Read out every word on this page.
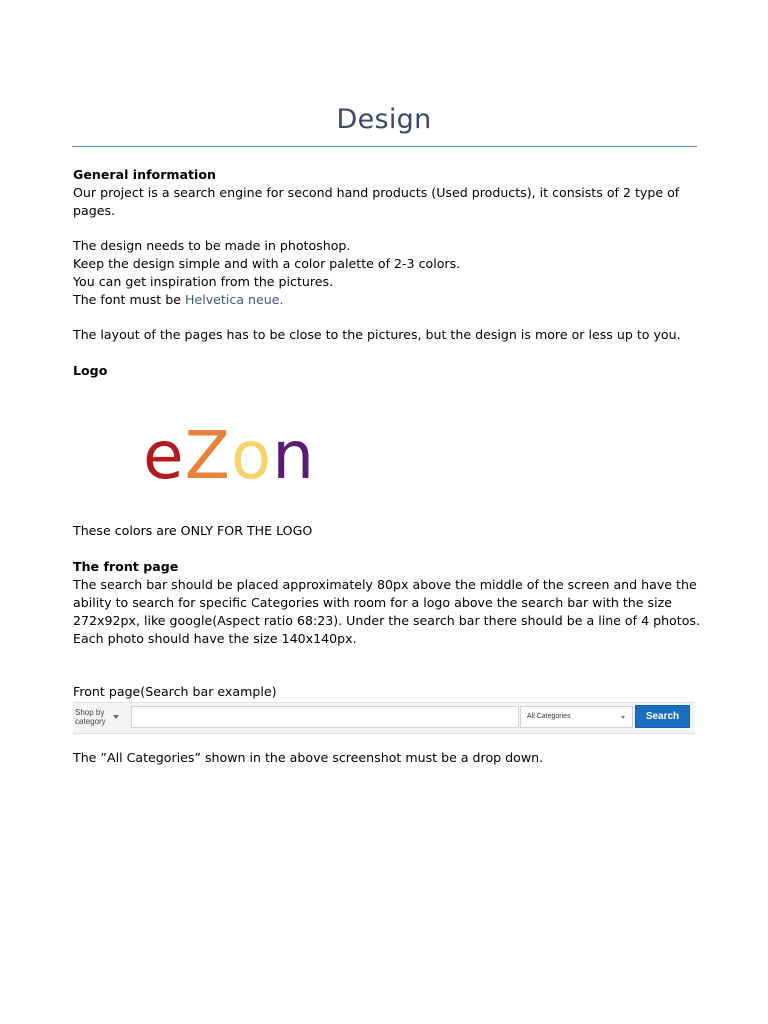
Design
General information
Our project is a search engine for second hand products (Used products), it consists of 2 type of
pages.
The design needs to be made in photoshop.
Keep the design simple and with a color palette of 2-3 colors.
You can get inspiration from the pictures.
The font must be Helvetica neue.
The layout of the pages has to be close to the pictures, but the design is more or less up to you.
Logo
eZon
These colors are ONLY FOR THE LOGO
The front page
The search bar should be placed approximately 80px above the middle of the screen and have the
ability to search for specific Categories with room for a logo above the search bar with the size
272x92px, like google(Aspect ratio 68:23). Under the search bar there should be a line of 4 photos.
Each photo should have the size 140x140px.
Front page(Search bar example)
Shop by
category	All Categories	Search
The ”All Categories” shown in the above screenshot must be a drop down.
